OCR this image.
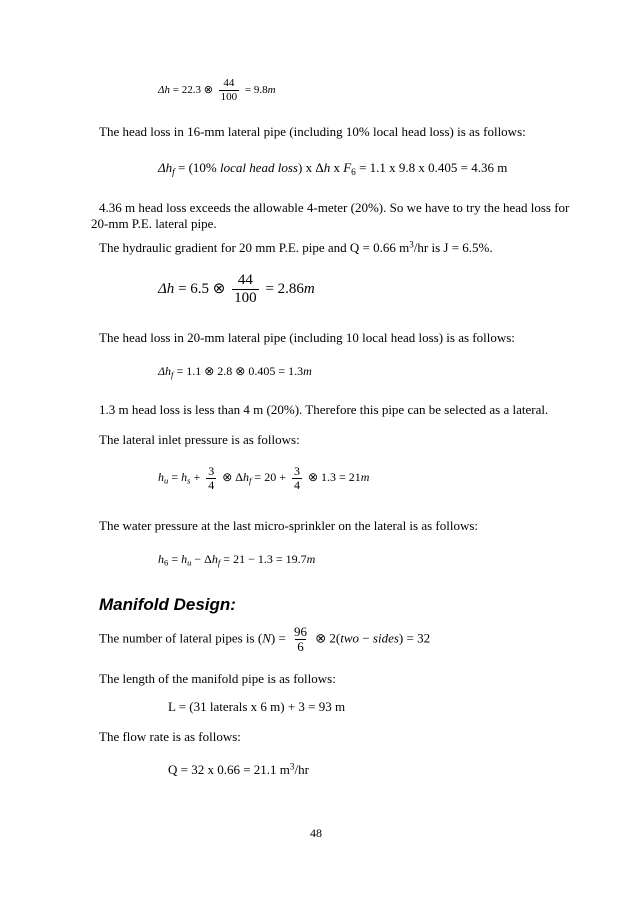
Δh = 22.3 ⊗ $\frac{44}{100} = 9.8m$
The head loss in 16-mm lateral pipe (including 10% local head loss) is as follows:
$\Delta h_f = (10\%$ local head loss) x Δh x $F_6 = 1.1$ x 9.8 x 0.405 = 4.36 m
4.36 m head loss exceeds the allowable 4-meter (20%). So we have to try the head loss for
20-mm P.E. lateral pipe.
The hydraulic gradient for 20 mm P.E. pipe and Q = 0.66 $m^3/hr$ is J = 6.5%.
Δh = 6.5 ⊗ $\frac{44}{100} = 2.86m$
The head loss in 20-mm lateral pipe (including 10 local head loss) is as follows:
$\Delta h_f = 1.1$ ⊗ 2.8 ⊗ 0.405 = 1.3m
1.3 m head loss is less than 4 m (20%). Therefore this pipe can be selected as a lateral.
The lateral inlet pressure is as follows:
$h_u = h_s + \frac{3}{4}$ ⊗ $\Delta h_f = 20 + \frac{3}{4}$ ⊗ 1.3 = 21m
The water pressure at the last micro-sprinkler on the lateral is as follows:
$h_6 = h_u - \Delta h_f = 21 - 1.3 = 19.7m$
Manifold Design:
The number of lateral pipes is $(N) = \frac{96}{6}$ ⊗ 2(two − sides) = 32
The length of the manifold pipe is as follows:
L = (31 laterals x 6 m) + 3 = 93 m
The flow rate is as follows:
Q = 32 x 0.66 = 21.1 $m^3/hr$
48
